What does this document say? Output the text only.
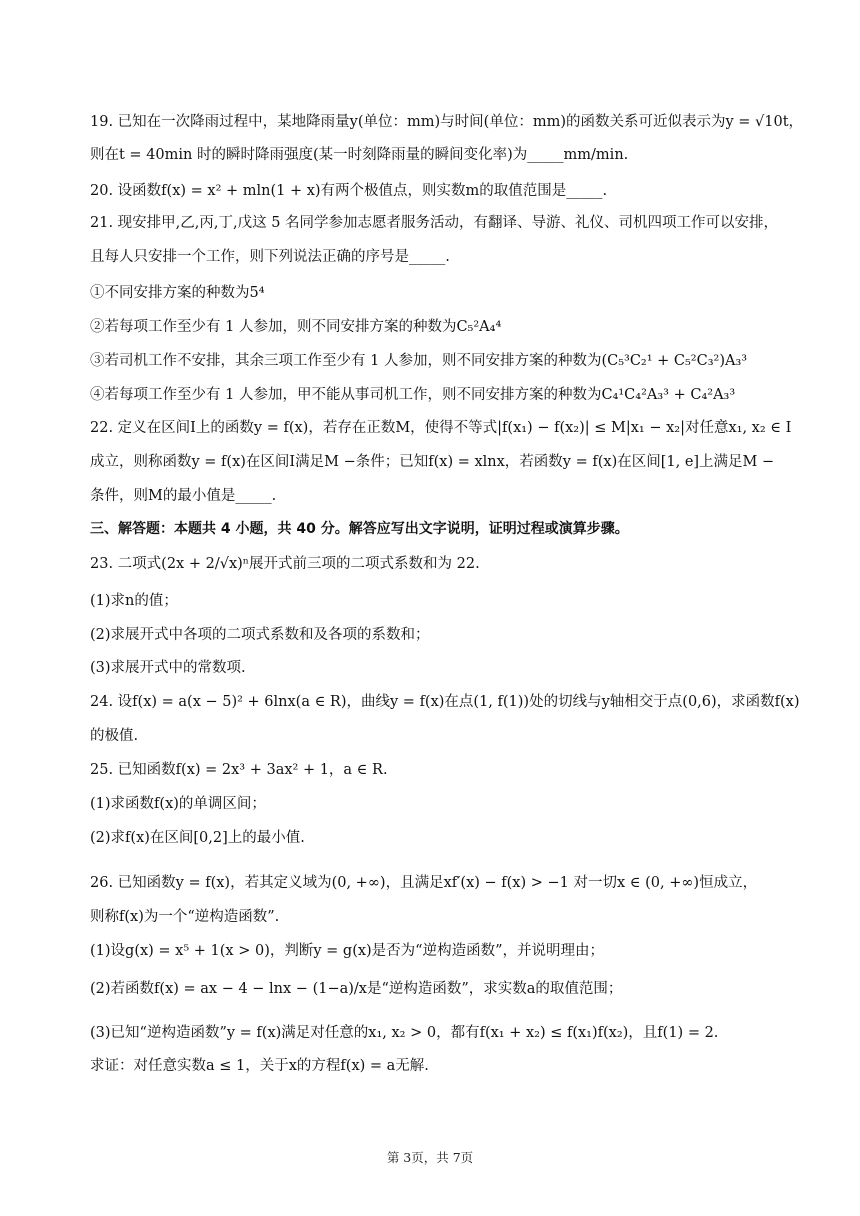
19. 已知在一次降雨过程中，某地降雨量y(单位：mm)与时间(单位：mm)的函数关系可近似表示为y = √10t，
则在t = 40min 时的瞬时降雨强度(某一时刻降雨量的瞬间变化率)为_____mm/min.
20. 设函数f(x) = x² + mln(1 + x)有两个极值点，则实数m的取值范围是_____.
21. 现安排甲,乙,丙,丁,戊这 5 名同学参加志愿者服务活动，有翻译、导游、礼仪、司机四项工作可以安排，
且每人只安排一个工作，则下列说法正确的序号是_____.
①不同安排方案的种数为5⁴
②若每项工作至少有 1 人参加，则不同安排方案的种数为C₅²A₄⁴
③若司机工作不安排，其余三项工作至少有 1 人参加，则不同安排方案的种数为(C₅³C₂¹ + C₅²C₃²)A₃³
④若每项工作至少有 1 人参加，甲不能从事司机工作，则不同安排方案的种数为C₄¹C₄²A₃³ + C₄²A₃³
22. 定义在区间I上的函数y = f(x)，若存在正数M，使得不等式|f(x₁) − f(x₂)| ≤ M|x₁ − x₂|对任意x₁, x₂ ∈ I
成立，则称函数y = f(x)在区间I满足M −条件；已知f(x) = xlnx，若函数y = f(x)在区间[1, e]上满足M −
条件，则M的最小值是_____.
三、解答题：本题共 4 小题，共 40 分。解答应写出文字说明，证明过程或演算步骤。
23. 二项式(2x + 2/√x)ⁿ展开式前三项的二项式系数和为 22.
(1)求n的值；
(2)求展开式中各项的二项式系数和及各项的系数和；
(3)求展开式中的常数项.
24. 设f(x) = a(x − 5)² + 6lnx(a ∈ R)，曲线y = f(x)在点(1, f(1))处的切线与y轴相交于点(0,6)，求函数f(x)
的极值.
25. 已知函数f(x) = 2x³ + 3ax² + 1，a ∈ R.
(1)求函数f(x)的单调区间；
(2)求f(x)在区间[0,2]上的最小值.
26. 已知函数y = f(x)，若其定义域为(0, +∞)，且满足xf′(x) − f(x) > −1 对一切x ∈ (0, +∞)恒成立，
则称f(x)为一个“逆构造函数”.
(1)设g(x) = x⁵ + 1(x > 0)，判断y = g(x)是否为“逆构造函数”，并说明理由；
(2)若函数f(x) = ax − 4 − lnx − (1−a)/x是“逆构造函数”，求实数a的取值范围；
(3)已知“逆构造函数”y = f(x)满足对任意的x₁, x₂ > 0，都有f(x₁ + x₂) ≤ f(x₁)f(x₂)，且f(1) = 2.
求证：对任意实数a ≤ 1，关于x的方程f(x) = a无解.
第 3页，共 7页
